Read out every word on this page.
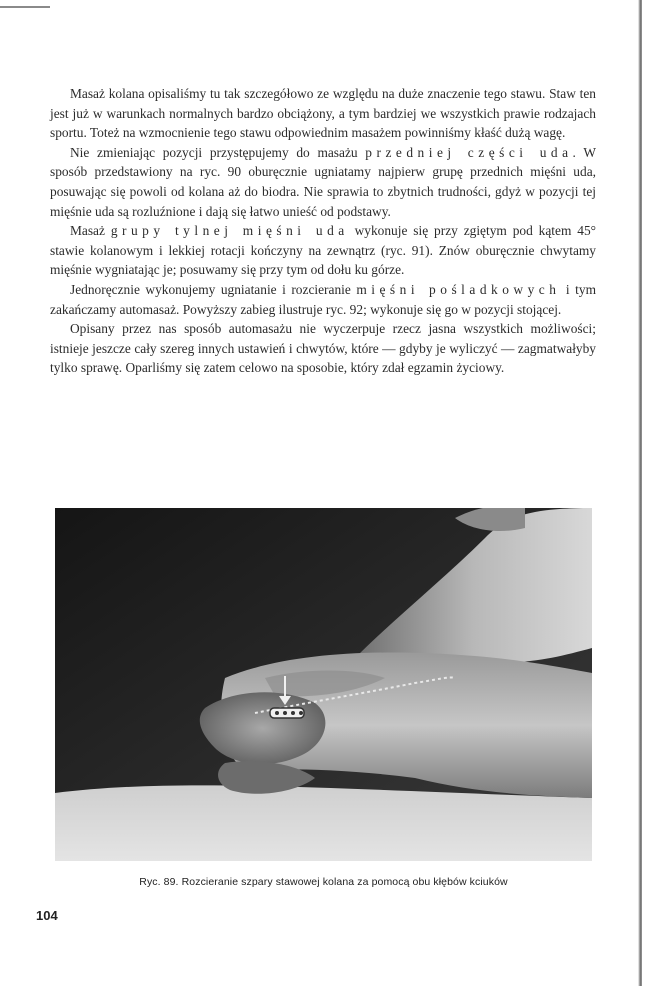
Masaż kolana opisaliśmy tu tak szczegółowo ze względu na duże znaczenie tego stawu. Staw ten jest już w warunkach normalnych bardzo obciążony, a tym bardziej we wszystkich prawie rodzajach sportu. Toteż na wzmocnienie tego stawu odpowiednim masażem powinniśmy kłaść dużą wagę.

Nie zmieniając pozycji przystępujemy do masażu przedniej części uda. W sposób przedstawiony na ryc. 90 oburęcznie ugniatamy najpierw grupę przednich mięśni uda, posuwając się powoli od kolana aż do biodra. Nie sprawia to zbytnich trudności, gdyż w pozycji tej mięśnie uda są rozluźnione i dają się łatwo unieść od podstawy.

Masaż grupy tylnej mięśni uda wykonuje się przy zgiętym pod kątem 45° stawie kolanowym i lekkiej rotacji kończyny na zewnątrz (ryc. 91). Znów oburęcznie chwytamy mięśnie wygniatając je; posuwamy się przy tym od dołu ku górze.

Jednoręcznie wykonujemy ugniatanie i rozcieranie mięśni pośladkowych i tym zakańczamy automasaż. Powyższy zabieg ilustruje ryc. 92; wykonuje się go w pozycji stojącej.

Opisany przez nas sposób automasażu nie wyczerpuje rzecz jasna wszystkich możliwości; istnieje jeszcze cały szereg innych ustawień i chwytów, które — gdyby je wyliczyć — zagmatwałyby tylko sprawę. Oparliśmy się zatem celowo na sposobie, który zdał egzamin życiowy.

Ryc. 89. Rozcieranie szpary stawowej kolana za pomocą obu kłębów kciuków
104
